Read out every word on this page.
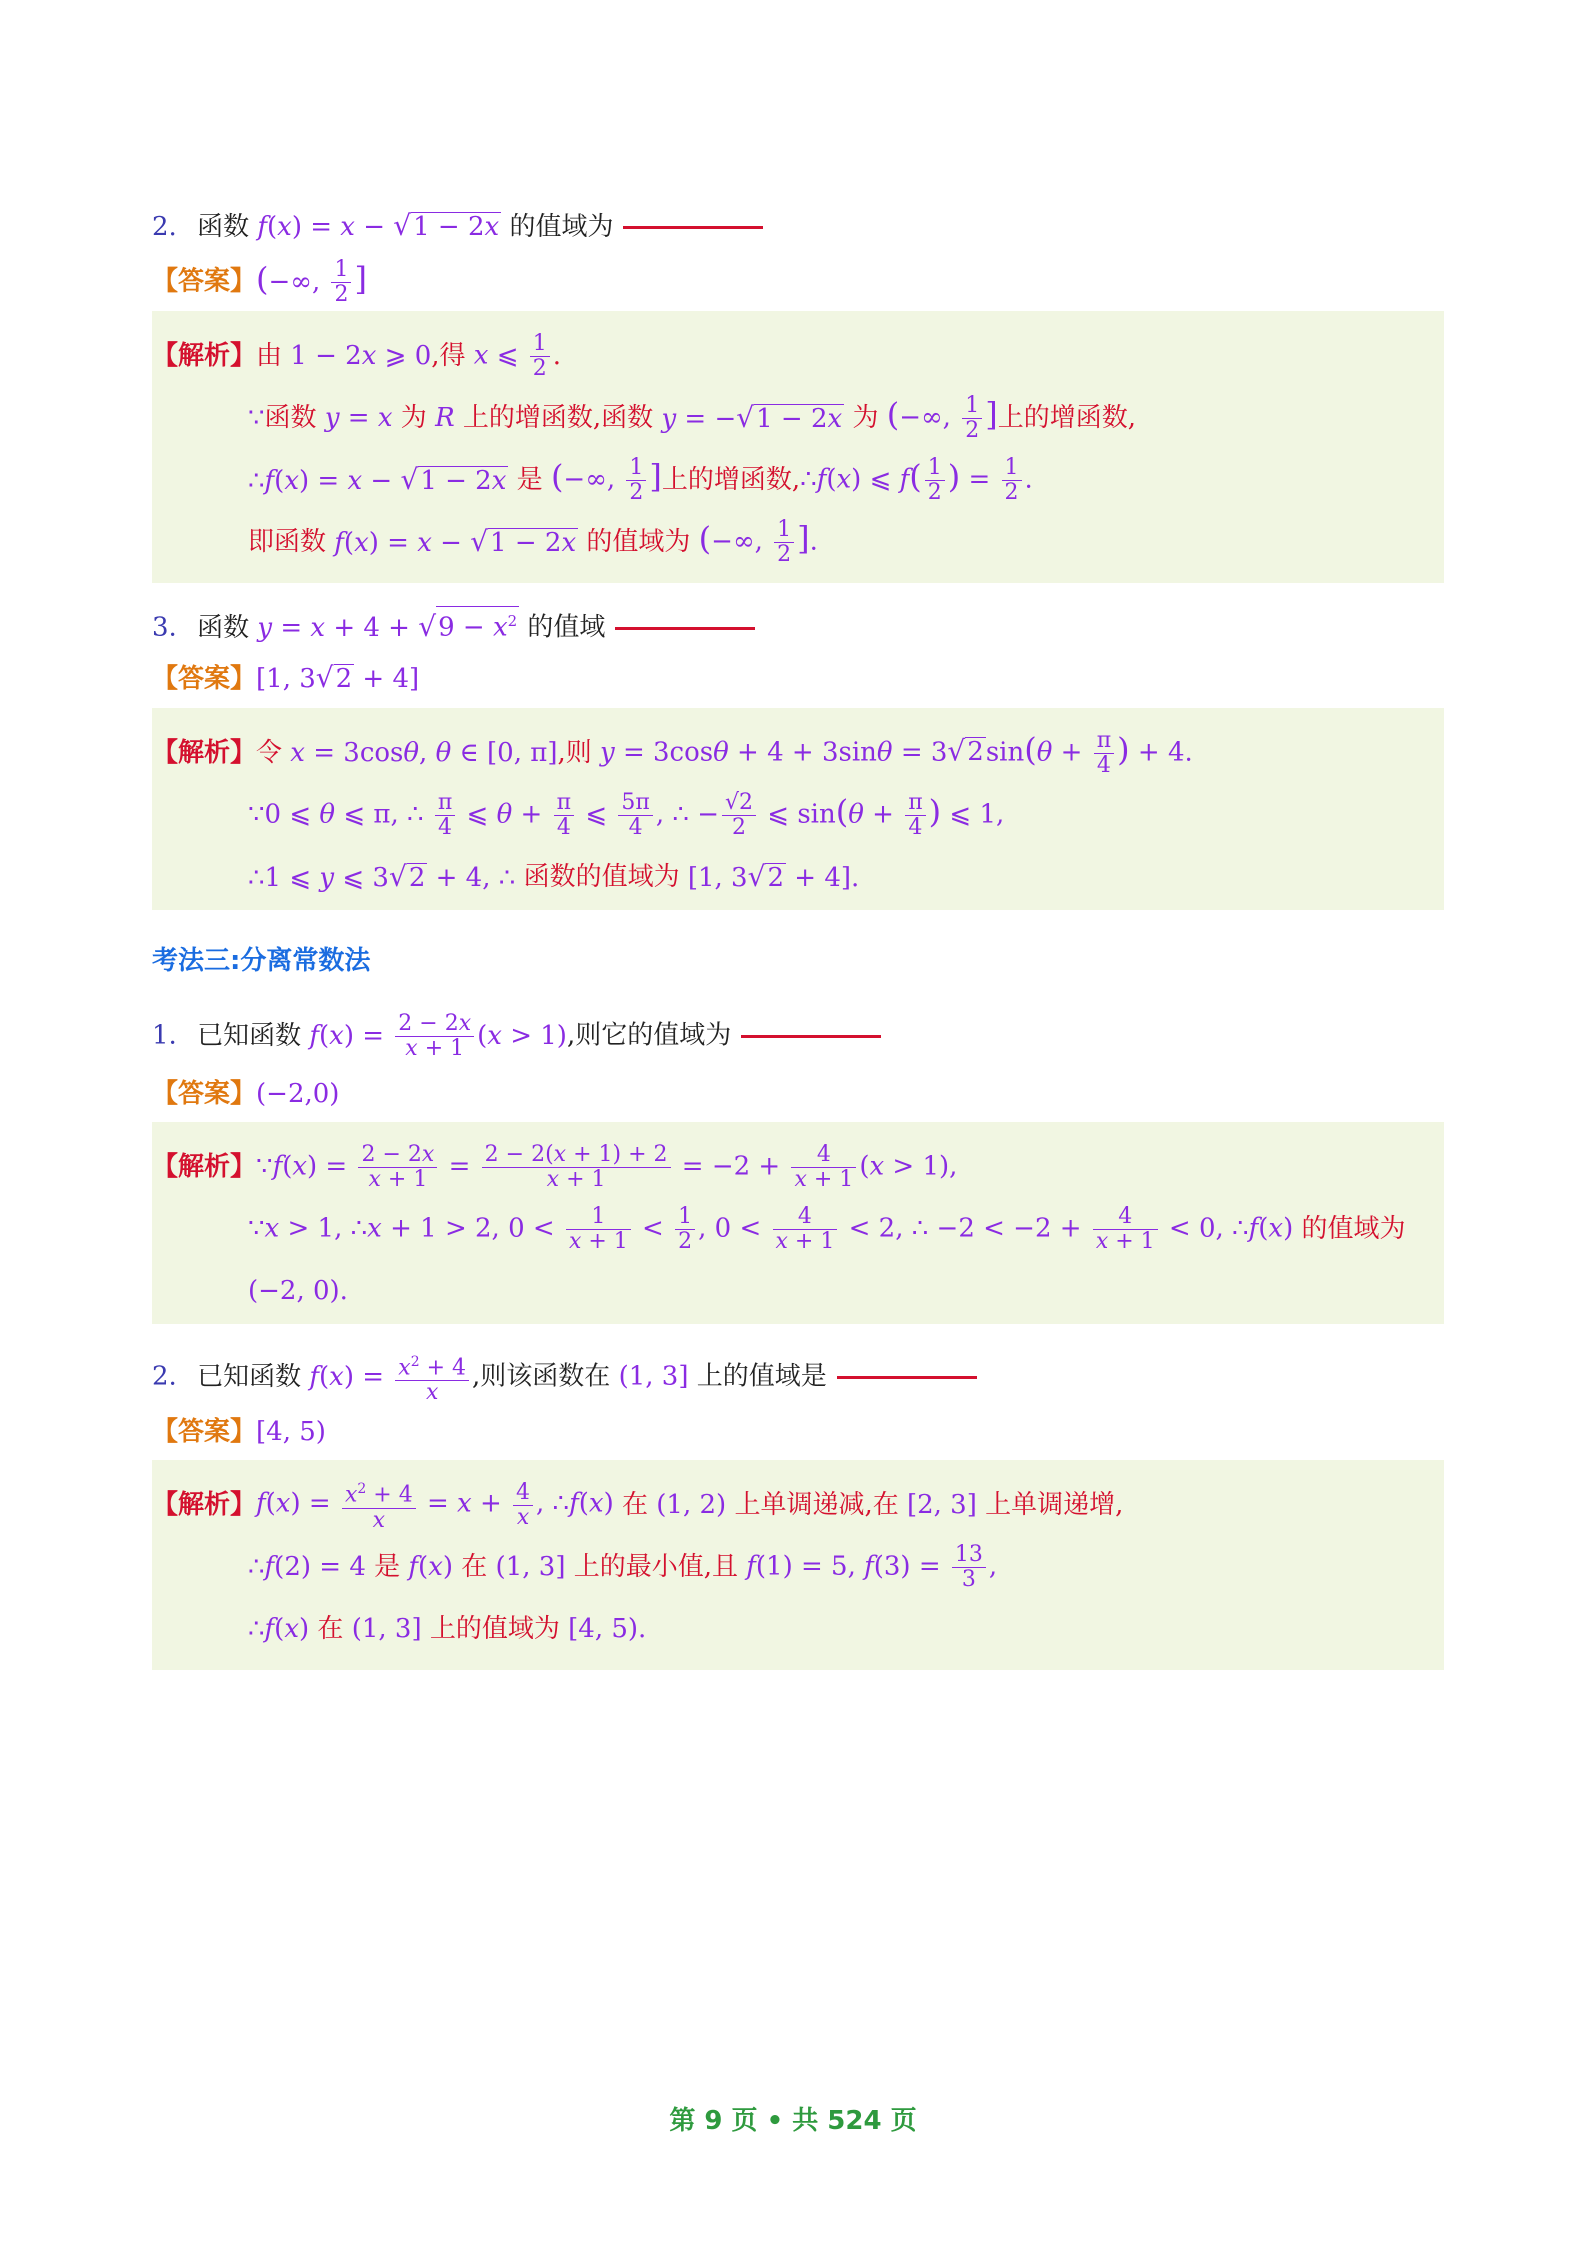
2. 函数 f(x) = x − √1 − 2x 的值域为
【答案】(−∞, $\frac{1}{2}$ ]
【解析】 由 1 − 2x ⩾ 0 ,得 x ⩽ $\frac{1}{2}$ .
∵ 函数 y = x 为 R 上的增函数,函数 y = −√1 − 2x 为 (−∞, $\frac{1}{2}$ ] 上的增函数,
∴f(x) = x − √1 − 2x 是 (−∞, $\frac{1}{2}$ ] 上的增函数, ∴f(x) ⩽ $f( \frac{1}{2}$ ) = $\frac{1}{2}$ .
即函数 f(x) = x − √1 − 2x 的值域为 (−∞, $\frac{1}{2}$ ].
3. 函数 $y = x + 4 + √9 - x^2$ 的值域
【答案】[1, 3√2 + 4]
【解析】 令 x = 3cosθ, θ ∈ [0, π] ,则 $y = 3\cos\theta + 4 + 3\sin\theta = 3√2\sin(\theta + \frac{\pi}{4}$ ) + 4.
∵0 ⩽ θ ⩽ π, ∴ $\frac{\pi}{4}$ ⩽ $\theta + \frac{\pi}{4}$ ⩽ $\frac{5\pi}{4}$ , ∴ − $\frac{√2}{2}$ ⩽ $\sin(\theta + \frac{\pi}{4}$ ) ⩽ 1,
∴1 ⩽ y ⩽ 3√2 + 4, ∴ 函数的值域为 [1, 3√2 + 4].
考法三:分离常数法
1. 已知函数 $f(x) = \frac{2 - 2x}{x + 1} (x > 1)$,则它的值域为
【答案】(−2,0)
【解析】 ∵f(x) = $\frac{2 - 2x}{x + 1} = \frac{2 - 2(x + 1) + 2}{x + 1} = -2 + \frac{4}{x + 1} (x > 1)$,
∵x > 1, ∴x + 1 > 2, $0 < \frac{1}{x + 1} < \frac{1}{2}$ , $0 < \frac{4}{x + 1} < 2$, ∴ $-2 < -2 + \frac{4}{x + 1} < 0$, ∴f(x) 的值域为
(−2, 0).
2. 已知函数 $f(x) = \frac{x^2 + 4}{x}$ ,则该函数在 (1, 3] 上的值域是
【答案】[4, 5)
【解析】 $f(x) = \frac{x^2 + 4}{x} = x + \frac{4}{x}$ , ∴f(x) 在 (1, 2) 上单调递减,在 [2, 3] 上单调递增,
∴f(2) = 4 是 f(x) 在 (1, 3] 上的最小值,且 f(1) = 5, $f(3) = \frac{13}{3}$ ,
∴f(x) 在 (1, 3] 上的值域为 [4, 5).
第 9 页 • 共 524 页
